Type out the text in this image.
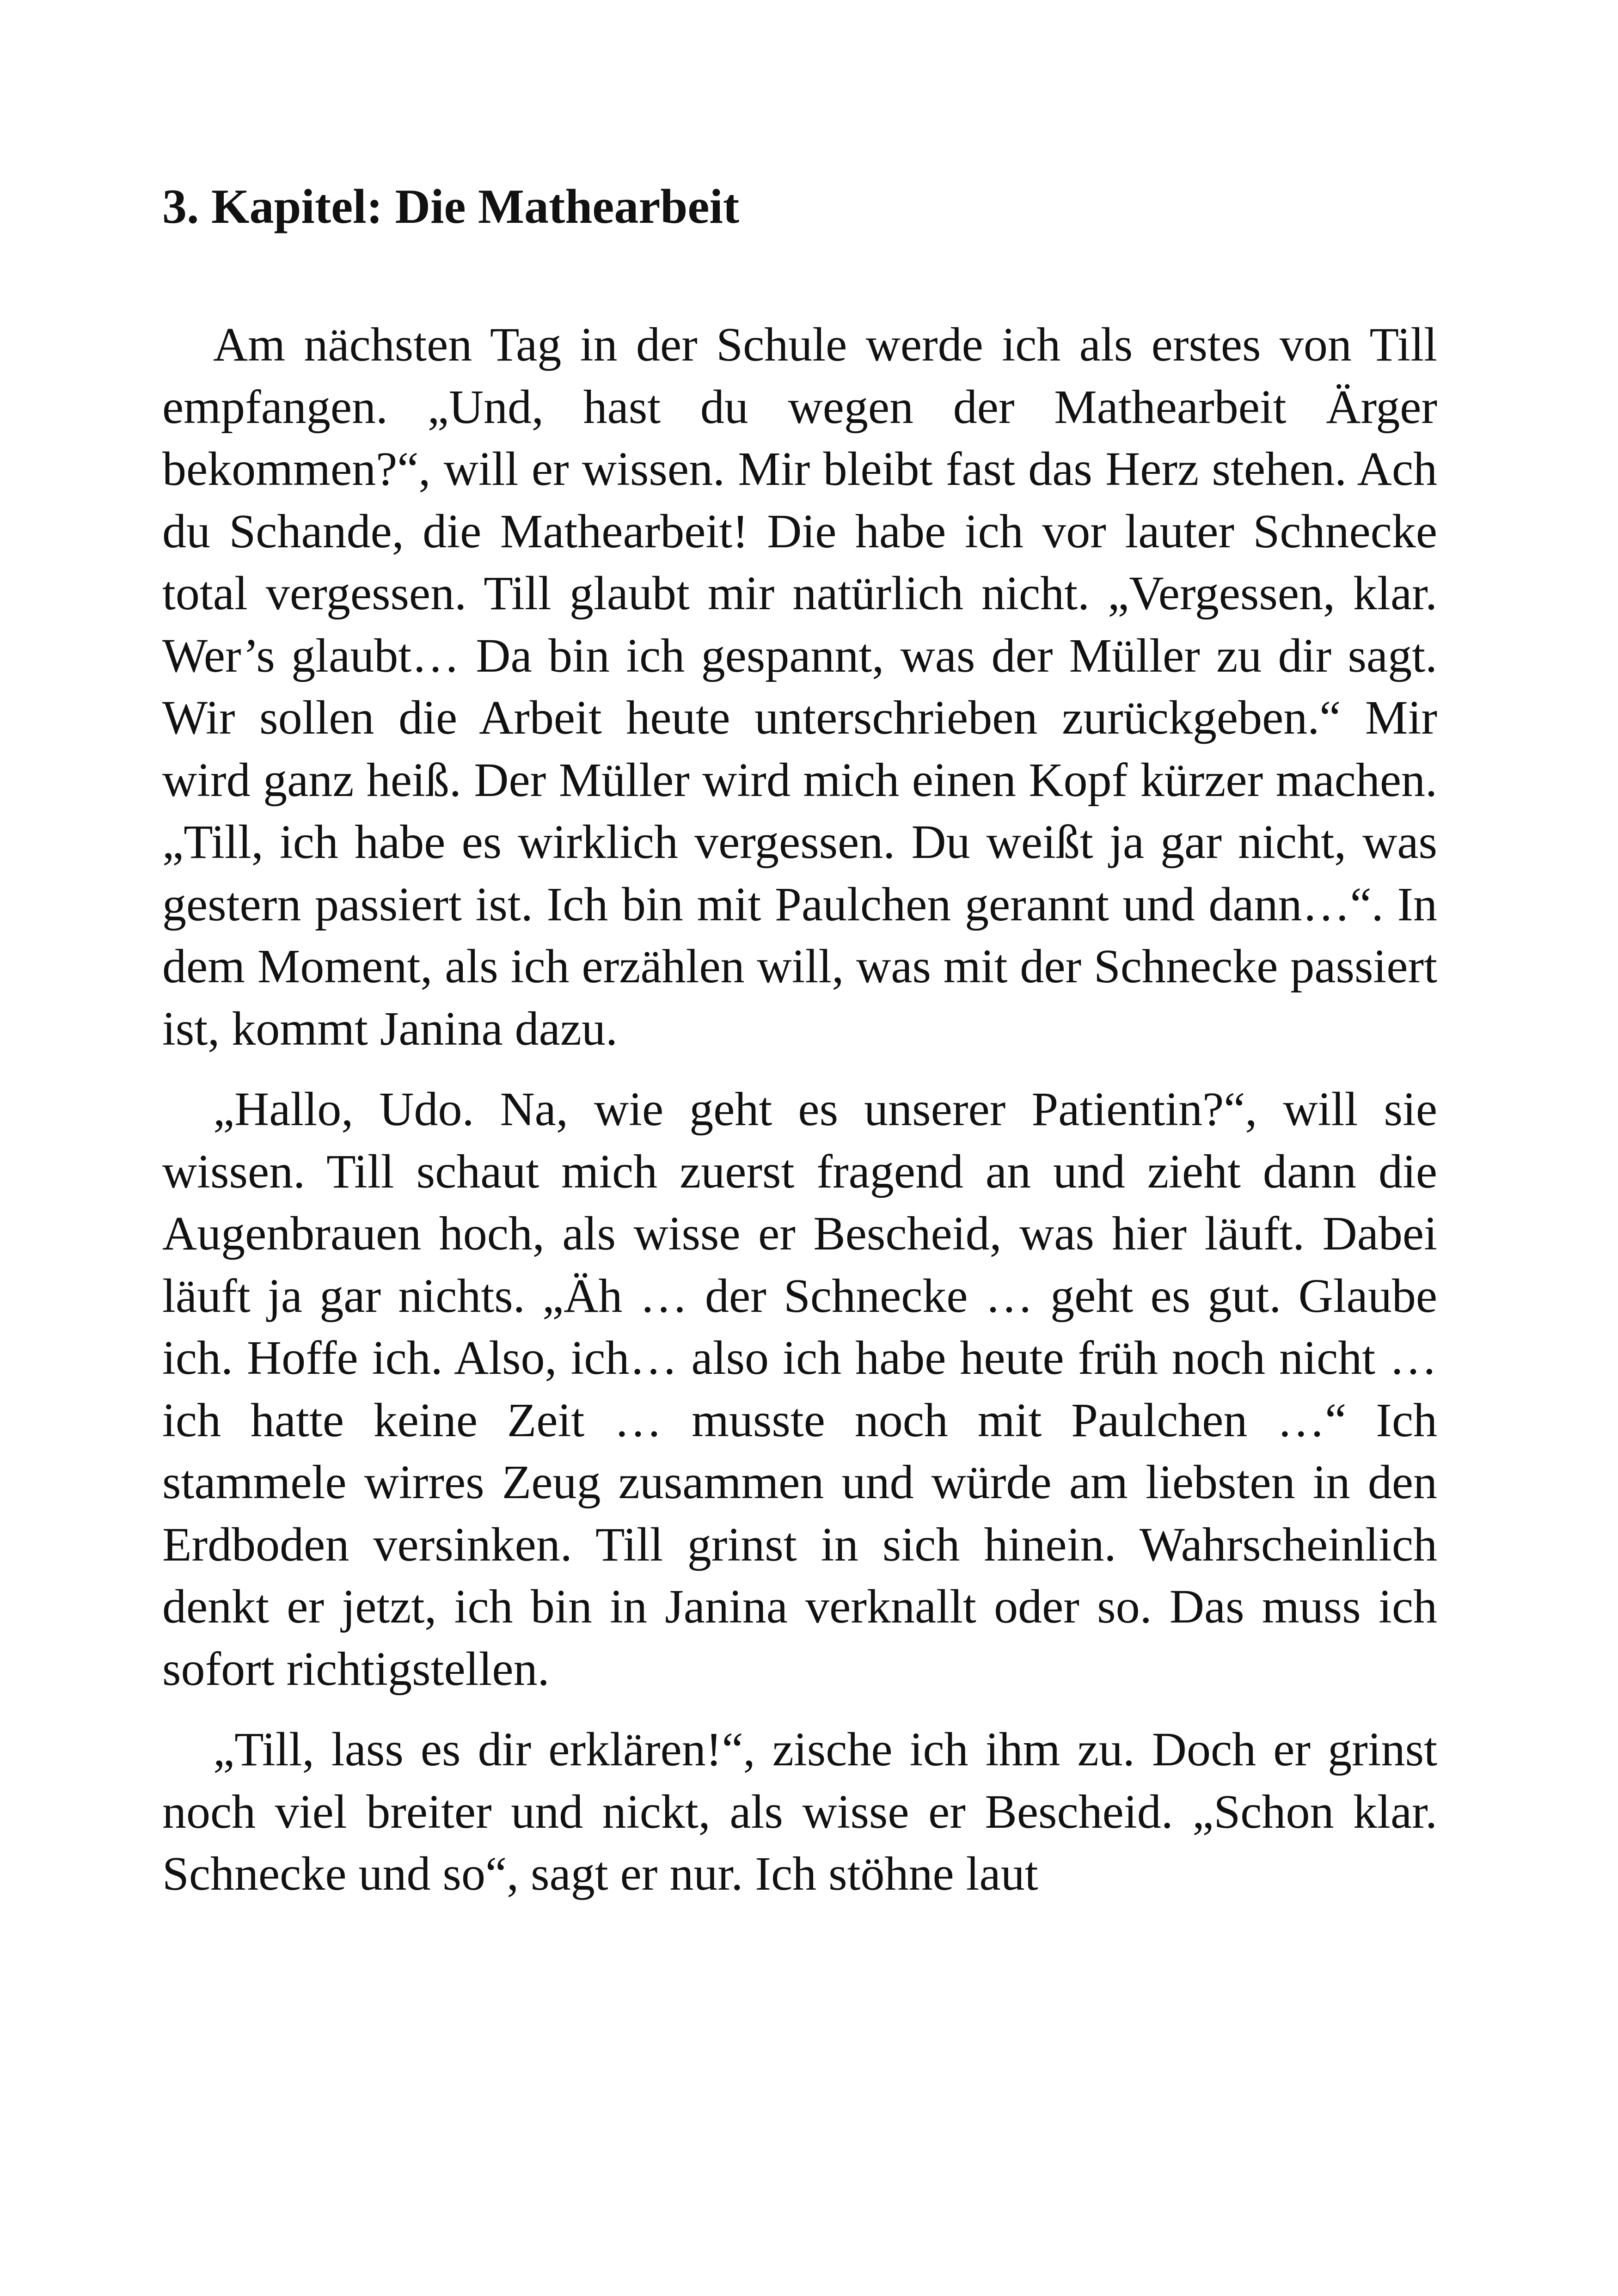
3. Kapitel: Die Mathearbeit

Am nächsten Tag in der Schule werde ich als erstes von Till empfangen. „Und, hast du wegen der Mathearbeit Ärger bekommen?“, will er wissen. Mir bleibt fast das Herz stehen. Ach du Schande, die Mathearbeit! Die habe ich vor lauter Schnecke total vergessen. Till glaubt mir natürlich nicht. „Vergessen, klar. Wer’s glaubt… Da bin ich gespannt, was der Müller zu dir sagt. Wir sollen die Arbeit heute unterschrieben zurückgeben.“ Mir wird ganz heiß. Der Müller wird mich einen Kopf kürzer machen. „Till, ich habe es wirklich vergessen. Du weißt ja gar nicht, was gestern passiert ist. Ich bin mit Paulchen gerannt und dann…“. In dem Moment, als ich erzählen will, was mit der Schnecke passiert ist, kommt Janina dazu.

„Hallo, Udo. Na, wie geht es unserer Patientin?“, will sie wissen. Till schaut mich zuerst fragend an und zieht dann die Augenbrauen hoch, als wisse er Bescheid, was hier läuft. Dabei läuft ja gar nichts. „Äh … der Schnecke … geht es gut. Glaube ich. Hoffe ich. Also, ich… also ich habe heute früh noch nicht … ich hatte keine Zeit … musste noch mit Paulchen …“ Ich stammele wirres Zeug zusammen und würde am liebsten in den Erdboden versinken. Till grinst in sich hinein. Wahrscheinlich denkt er jetzt, ich bin in Janina verknallt oder so. Das muss ich sofort richtigstellen.

„Till, lass es dir erklären!“, zische ich ihm zu. Doch er grinst noch viel breiter und nickt, als wisse er Bescheid. „Schon klar. Schnecke und so“, sagt er nur. Ich stöhne laut
